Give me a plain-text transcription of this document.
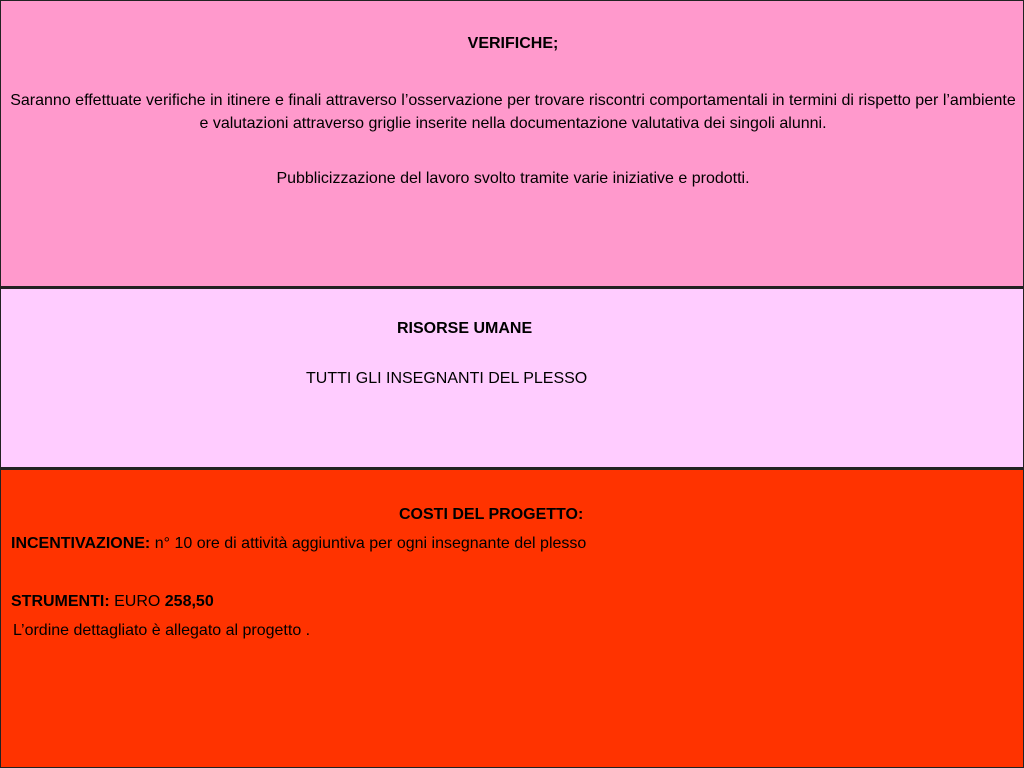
VERIFICHE;
Saranno effettuate verifiche in itinere e finali attraverso l’osservazione per trovare riscontri comportamentali in termini di rispetto per l’ambiente e valutazioni attraverso griglie inserite nella documentazione valutativa dei singoli alunni.
Pubblicizzazione del lavoro svolto tramite varie iniziative e prodotti.
RISORSE UMANE
TUTTI GLI INSEGNANTI DEL PLESSO
COSTI DEL PROGETTO:
INCENTIVAZIONE: n° 10 ore di attività aggiuntiva per ogni insegnante del plesso
STRUMENTI: EURO 258,50
L’ordine dettagliato è allegato al progetto .
